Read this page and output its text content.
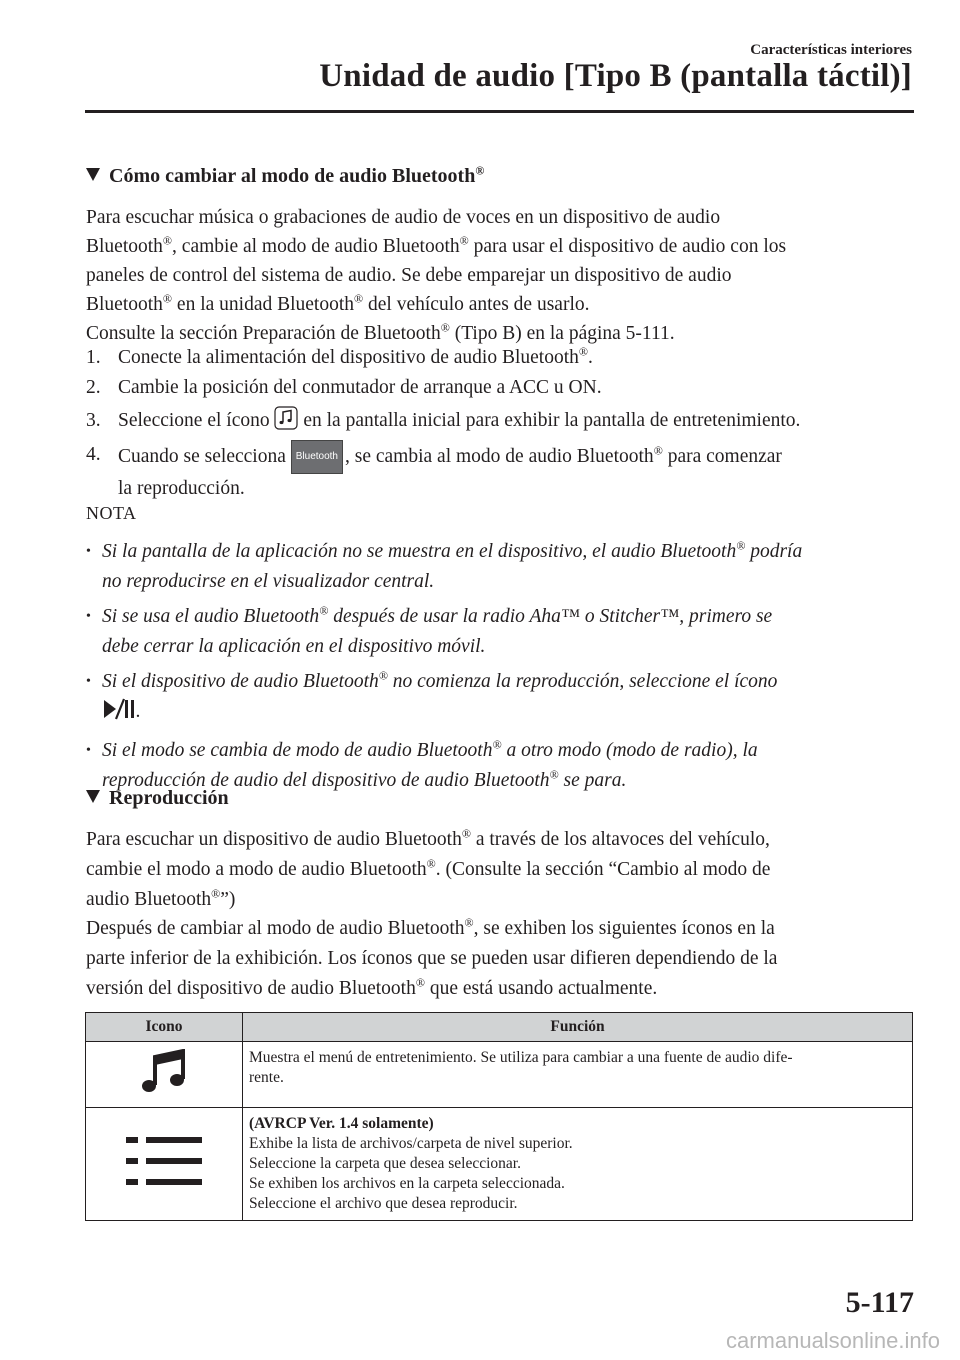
Características interiores
Unidad de audio [Tipo B (pantalla táctil)]
Cómo cambiar al modo de audio Bluetooth®

Para escuchar música o grabaciones de audio de voces en un dispositivo de audio

Bluetooth®, cambie al modo de audio Bluetooth® para usar el dispositivo de audio con los

paneles de control del sistema de audio. Se debe emparejar un dispositivo de audio

Bluetooth® en la unidad Bluetooth® del vehículo antes de usarlo.

Consulte la sección Preparación de Bluetooth® (Tipo B) en la página 5-111.

1. Conecte la alimentación del dispositivo de audio Bluetooth®.
2. Cambie la posición del conmutador de arranque a ACC u ON.
3. Seleccione el ícono  en la pantalla inicial para exhibir la pantalla de entretenimiento.
4. Cuando se selecciona Bluetooth , se cambia al modo de audio Bluetooth® para comenzar
la reproducción.
NOTA
• Si la pantalla de la aplicación no se muestra en el dispositivo, el audio Bluetooth® podría
no reproducirse en el visualizador central.
• Si se usa el audio Bluetooth® después de usar la radio Aha™ o Stitcher™, primero se
debe cerrar la aplicación en el dispositivo móvil.
• Si el dispositivo de audio Bluetooth® no comienza la reproducción, seleccione el ícono
.
• Si el modo se cambia de modo de audio Bluetooth® a otro modo (modo de radio), la
reproducción de audio del dispositivo de audio Bluetooth® se para.
Reproducción

Para escuchar un dispositivo de audio Bluetooth® a través de los altavoces del vehículo,

cambie el modo a modo de audio Bluetooth®. (Consulte la sección “Cambio al modo de

audio Bluetooth®”)

Después de cambiar al modo de audio Bluetooth®, se exhiben los siguientes íconos en la

parte inferior de la exhibición. Los íconos que se pueden usar difieren dependiendo de la

versión del dispositivo de audio Bluetooth® que está usando actualmente.

Icono	Función

Muestra el menú de entretenimiento. Se utiliza para cambiar a una fuente de audio dife-
rente.

(AVRCP Ver. 1.4 solamente)
Exhibe la lista de archivos/carpeta de nivel superior.
Seleccione la carpeta que desea seleccionar.
Se exhiben los archivos en la carpeta seleccionada.
Seleccione el archivo que desea reproducir.
5-117
carmanualsonline.info
